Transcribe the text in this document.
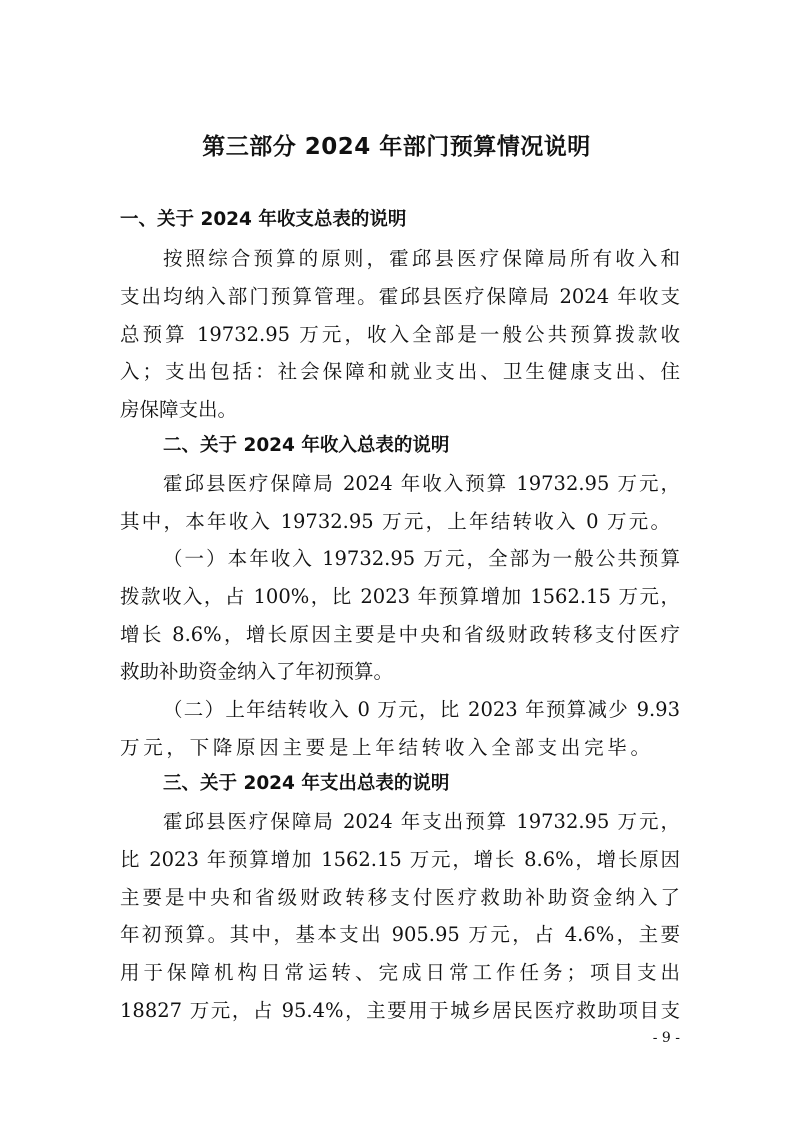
第三部分 2024 年部门预算情况说明
一、关于 2024 年收支总表的说明
按照综合预算的原则，霍邱县医疗保障局所有收入和
支出均纳入部门预算管理。霍邱县医疗保障局 2024 年收支
总预算 19732.95 万元，收入全部是一般公共预算拨款收
入；支出包括：社会保障和就业支出、卫生健康支出、住
房保障支出。
二、关于 2024 年收入总表的说明
霍邱县医疗保障局 2024 年收入预算 19732.95 万元，
其中，本年收入 19732.95 万元，上年结转收入 0 万元。
（一）本年收入 19732.95 万元，全部为一般公共预算
拨款收入，占 100%，比 2023 年预算增加 1562.15 万元，
增长 8.6%，增长原因主要是中央和省级财政转移支付医疗
救助补助资金纳入了年初预算。
（二）上年结转收入 0 万元，比 2023 年预算减少 9.93
万元，下降原因主要是上年结转收入全部支出完毕。
三、关于 2024 年支出总表的说明
霍邱县医疗保障局 2024 年支出预算 19732.95 万元，
比 2023 年预算增加 1562.15 万元，增长 8.6%，增长原因
主要是中央和省级财政转移支付医疗救助补助资金纳入了
年初预算。其中，基本支出 905.95 万元，占 4.6%，主要
用于保障机构日常运转、完成日常工作任务；项目支出
18827 万元，占 95.4%，主要用于城乡居民医疗救助项目支
- 9 -
